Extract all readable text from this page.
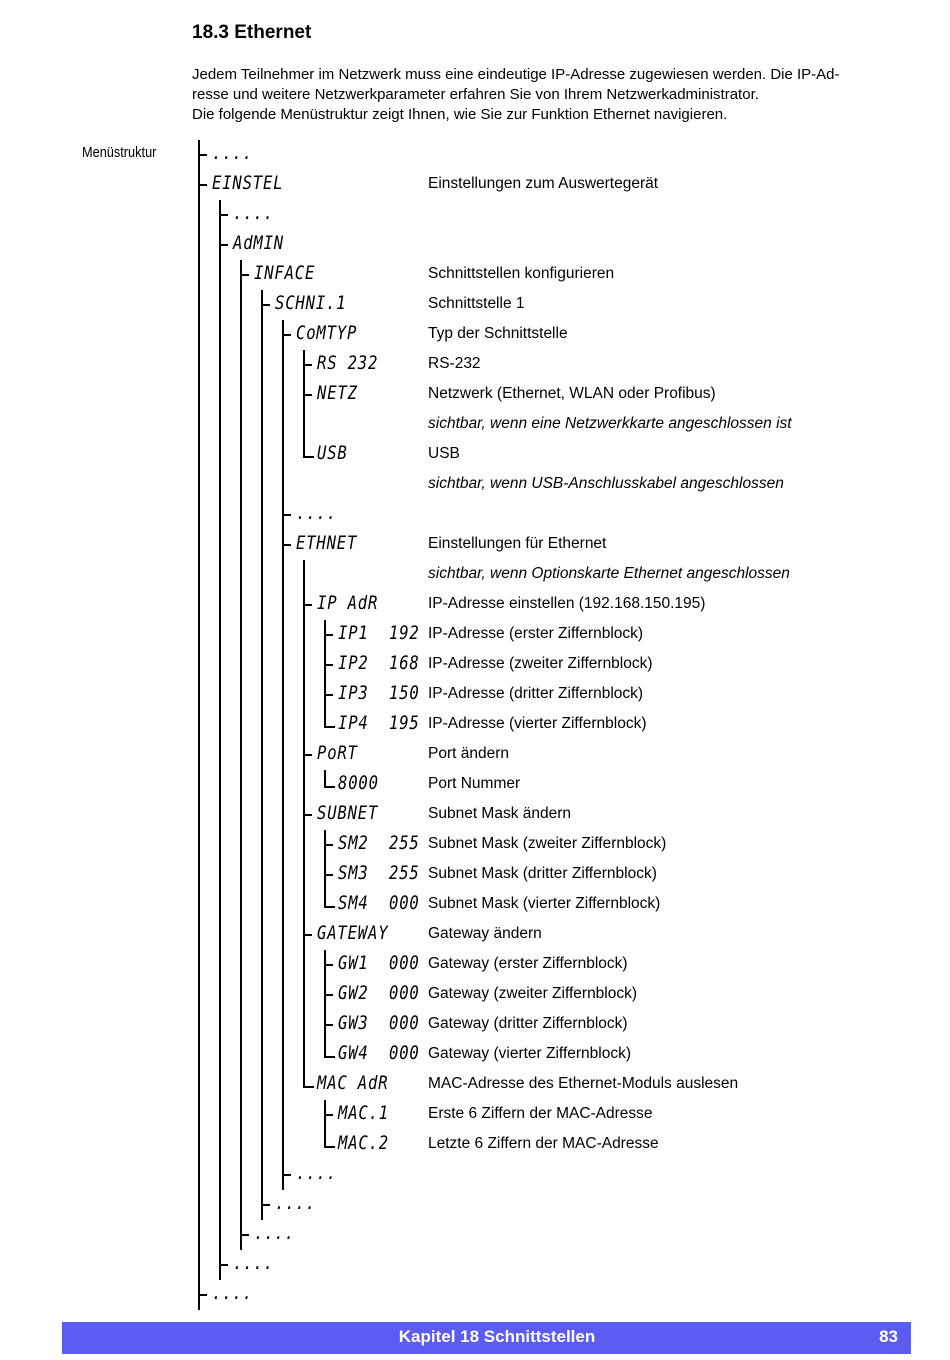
18.3 Ethernet
Jedem Teilnehmer im Netzwerk muss eine eindeutige IP-Adresse zugewiesen werden. Die IP-Ad-
resse und weitere Netzwerkparameter erfahren Sie von Ihrem Netzwerkadministrator.
Die folgende Menüstruktur zeigt Ihnen, wie Sie zur Funktion Ethernet navigieren.
Menüstruktur	....
EINSTEL	Einstellungen zum Auswertegerät
....
AdMIN
INFACE	Schnittstellen konfigurieren
SCHNI.1	Schnittstelle 1
CoMTYP	Typ der Schnittstelle
RS 232	RS-232
NETZ	Netzwerk (Ethernet, WLAN oder Profibus)
sichtbar, wenn eine Netzwerkkarte angeschlossen ist
USB	USB
sichtbar, wenn USB-Anschlusskabel angeschlossen
....
ETHNET	Einstellungen für Ethernet
sichtbar, wenn Optionskarte Ethernet angeschlossen
IP AdR	IP-Adresse einstellen (192.168.150.195)
IP1  192 IP-Adresse (erster Ziffernblock)
IP2  168 IP-Adresse (zweiter Ziffernblock)
IP3  150 IP-Adresse (dritter Ziffernblock)
IP4  195 IP-Adresse (vierter Ziffernblock)
PoRT	Port ändern
8000	Port Nummer
SUBNET	Subnet Mask ändern
SM2  255 Subnet Mask (zweiter Ziffernblock)
SM3  255 Subnet Mask (dritter Ziffernblock)
SM4  000 Subnet Mask (vierter Ziffernblock)
GATEWAY	Gateway ändern
GW1  000 Gateway (erster Ziffernblock)
GW2  000 Gateway (zweiter Ziffernblock)
GW3  000 Gateway (dritter Ziffernblock)
GW4  000 Gateway (vierter Ziffernblock)
MAC AdR	MAC-Adresse des Ethernet-Moduls auslesen
MAC.1	Erste 6 Ziffern der MAC-Adresse
MAC.2	Letzte 6 Ziffern der MAC-Adresse
....
....
....
....
....
Kapitel 18 Schnittstellen	83
